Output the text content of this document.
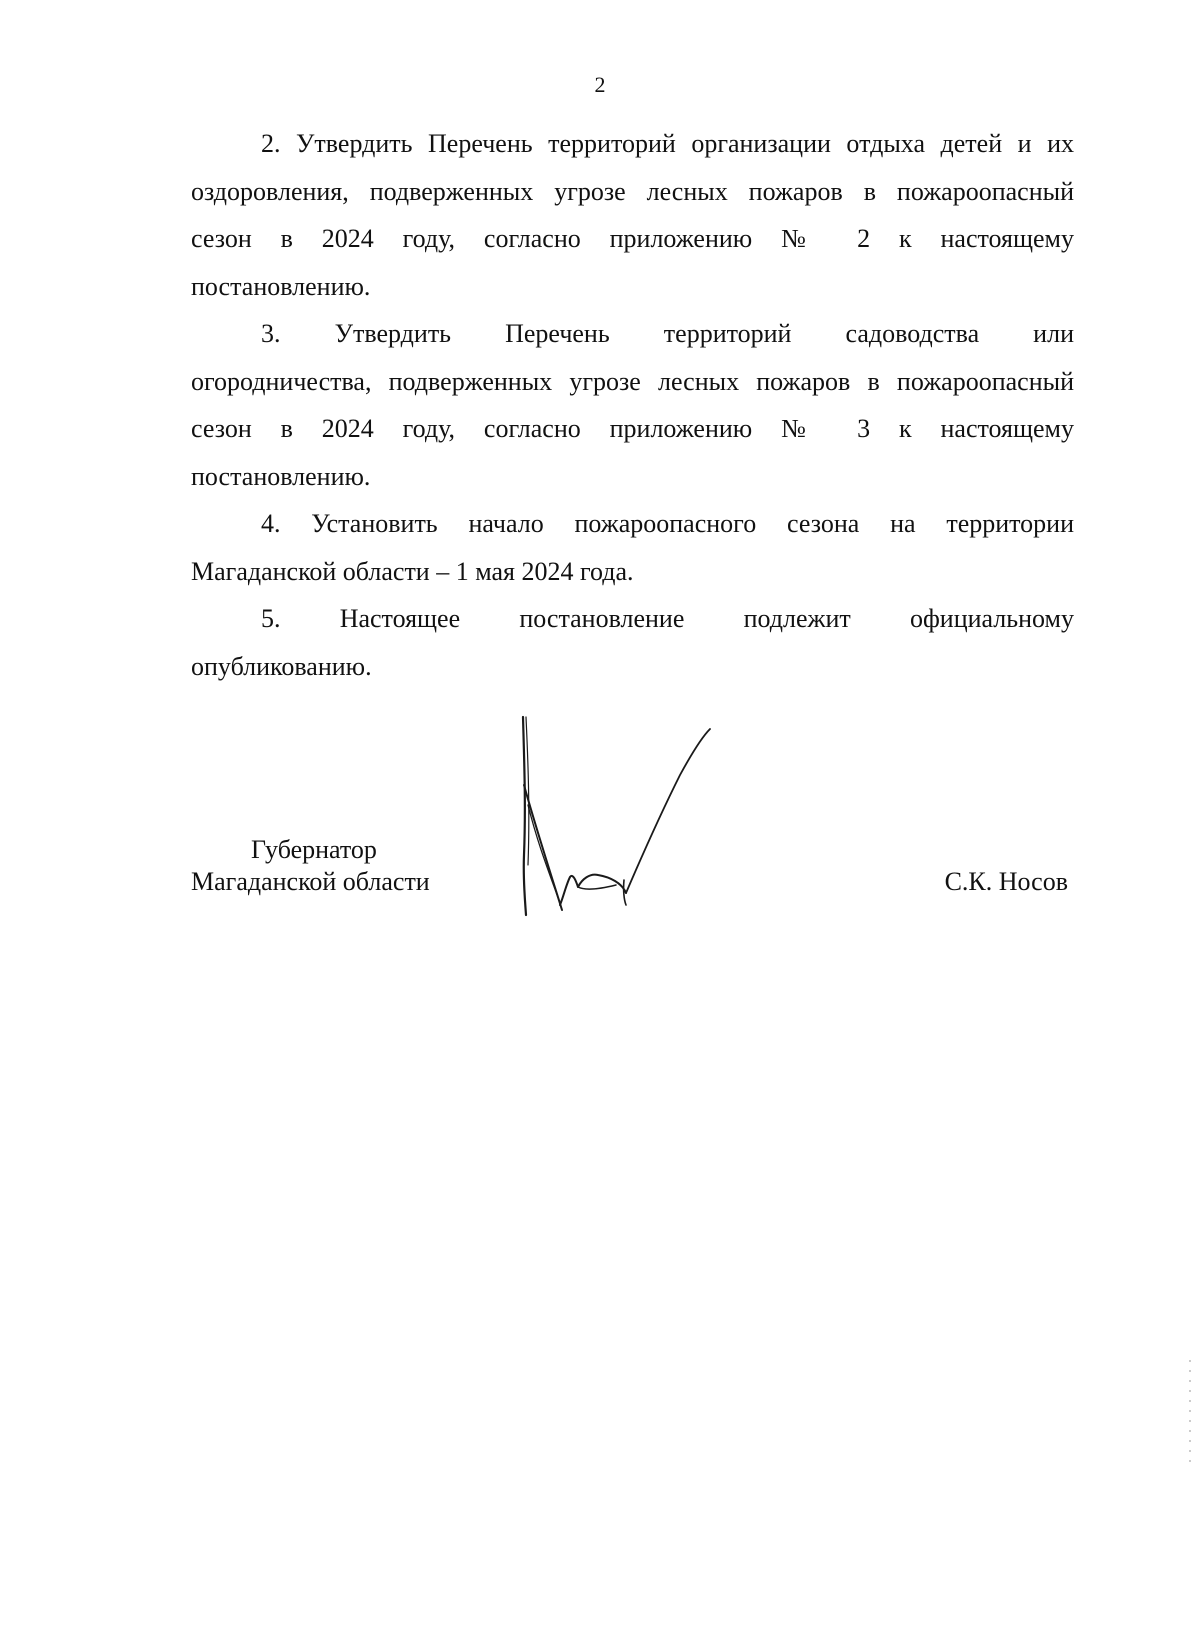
2

2. Утвердить Перечень территорий организации отдыха детей и их
оздоровления, подверженных угрозе лесных пожаров в пожароопасный
сезон в 2024 году, согласно приложению № 2 к настоящему
постановлению.

3. Утвердить Перечень территорий садоводства или
огородничества, подверженных угрозе лесных пожаров в пожароопасный
сезон в 2024 году, согласно приложению № 3 к настоящему
постановлению.

4. Установить начало пожароопасного сезона на территории
Магаданской области – 1 мая 2024 года.

5. Настоящее постановление подлежит официальному
опубликованию.

Губернатор
Магаданской области	С.К. Носов
